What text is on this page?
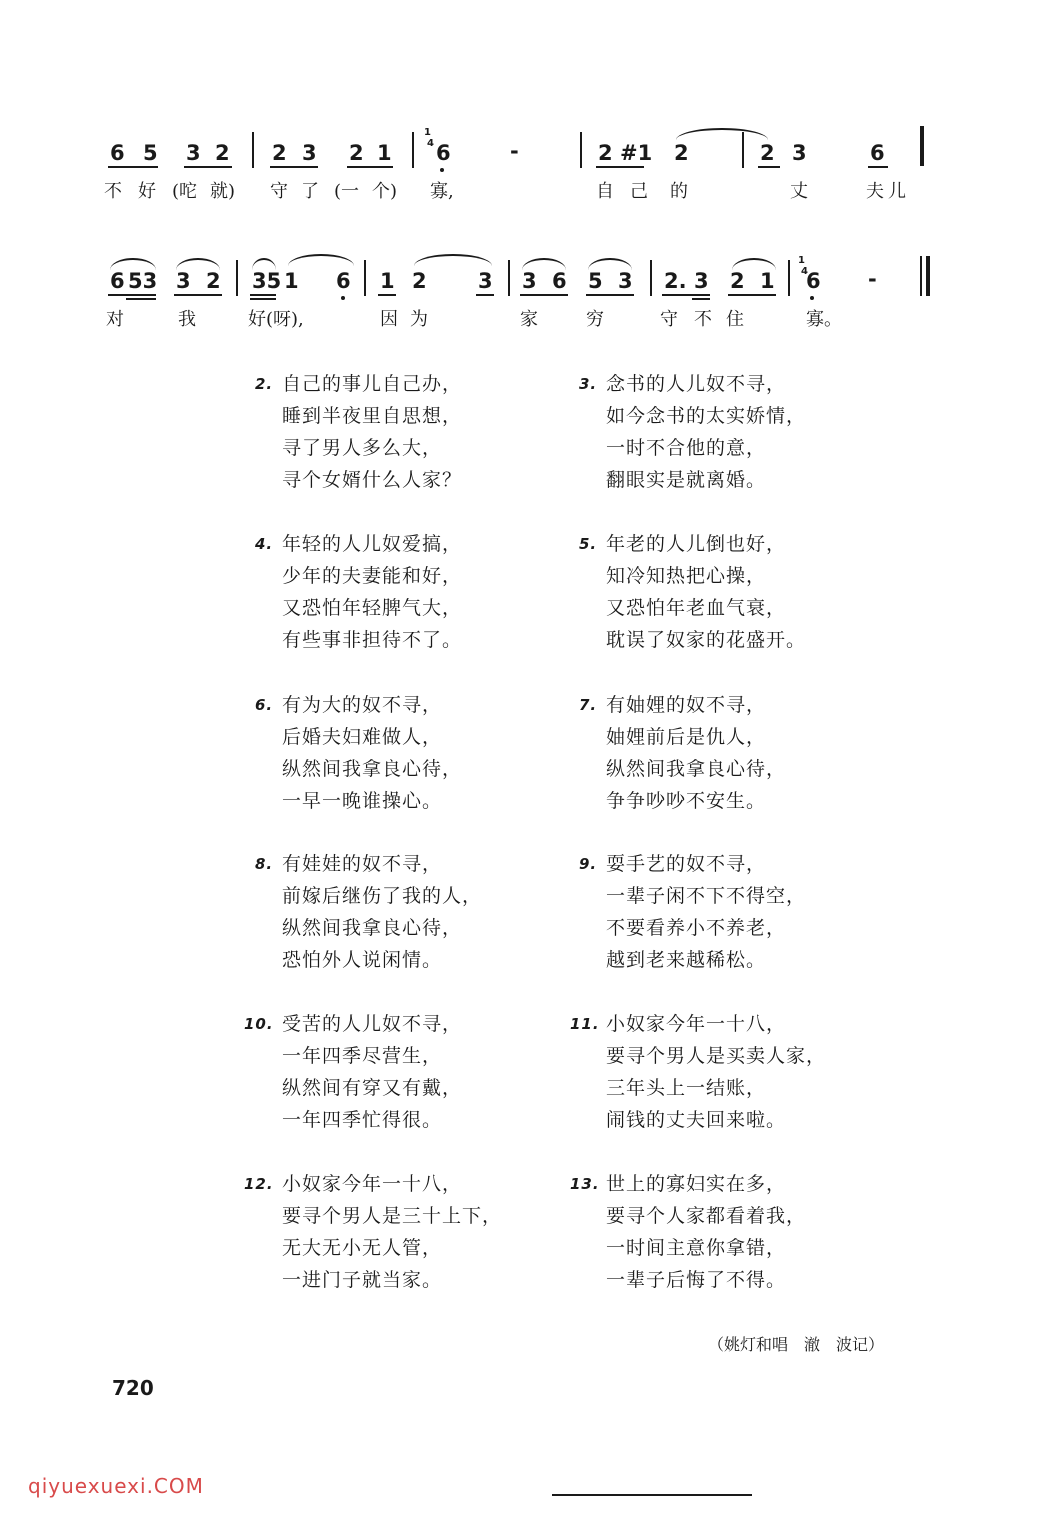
6 5 3 2 2 3 2 1
1
4 6	-	2 #1 2	2 3	6
不 好 (咜 就) 守 了 (一 个) 寡,	自 己 的	丈	夫 儿
6 53 3 2 35 1 6 1 2 3 3 6 5 3 2. 3 2 1
1
4
6 -
对	我	好(呀),	因 为	家	穷	守 不 住	寡。
2. 自己的事儿自己办，
睡到半夜里自思想，
寻了男人多么大，
寻个女婿什么人家？
3. 念书的人儿奴不寻，
如今念书的太实娇情，
一时不合他的意，
翻眼实是就离婚。
4. 年轻的人儿奴爱搞，
少年的夫妻能和好，
又恐怕年轻脾气大，
有些事非担待不了。
5. 年老的人儿倒也好，
知冷知热把心操，
又恐怕年老血气衰，
耽误了奴家的花盛开。
6. 有为大的奴不寻，
后婚夫妇难做人，
纵然间我拿良心待，
一早一晚谁操心。
7. 有妯娌的奴不寻，
妯娌前后是仇人，
纵然间我拿良心待，
争争吵吵不安生。
8. 有娃娃的奴不寻，
前嫁后继伤了我的人，
纵然间我拿良心待，
恐怕外人说闲情。
9. 耍手艺的奴不寻，
一辈子闲不下不得空，
不要看养小不养老，
越到老来越稀松。
10. 受苦的人儿奴不寻，
一年四季尽营生，
纵然间有穿又有戴，
一年四季忙得很。
11. 小奴家今年一十八，
要寻个男人是买卖人家，
三年头上一结账，
闹钱的丈夫回来啦。
12. 小奴家今年一十八，
要寻个男人是三十上下，
无大无小无人管，
一进门子就当家。
13. 世上的寡妇实在多，
要寻个人家都看着我，
一时间主意你拿错，
一辈子后悔了不得。
（姚灯和唱　澈　波记）
720
qiyuexuexi.COM
